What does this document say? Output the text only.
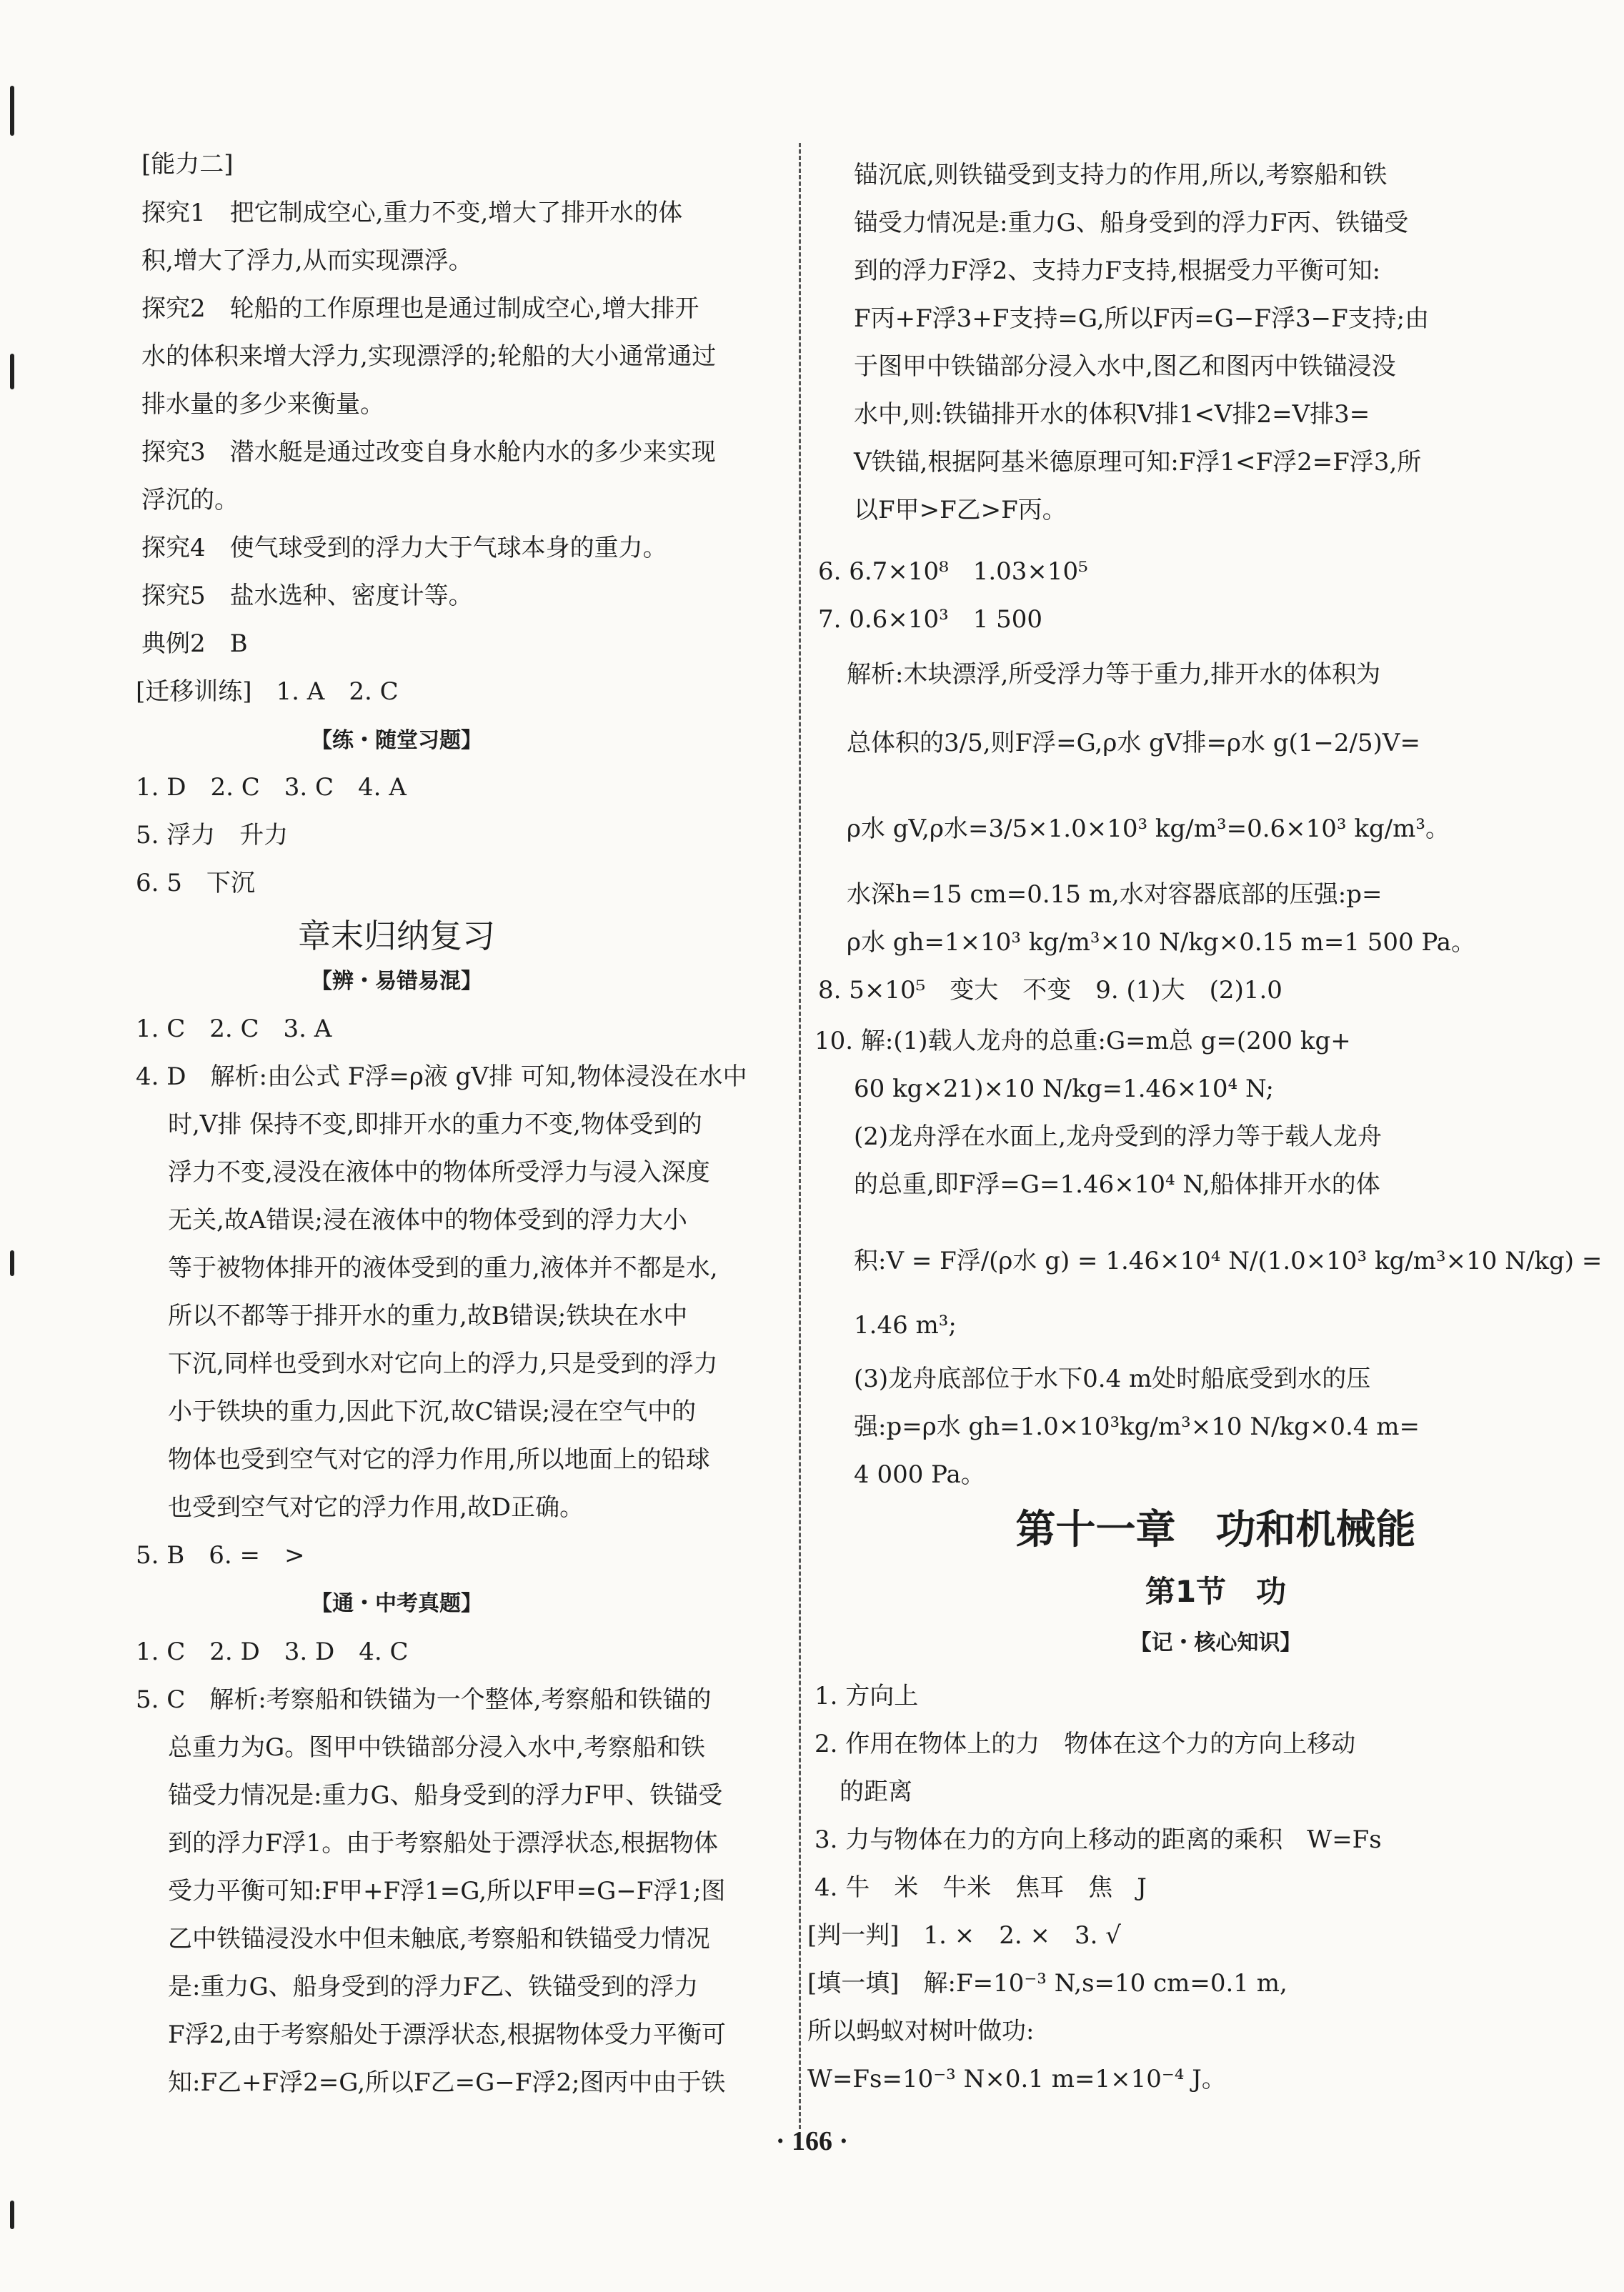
[能力二]
探究1　把它制成空心,重力不变,增大了排开水的体
积,增大了浮力,从而实现漂浮。
探究2　轮船的工作原理也是通过制成空心,增大排开
水的体积来增大浮力,实现漂浮的;轮船的大小通常通过
排水量的多少来衡量。
探究3　潜水艇是通过改变自身水舱内水的多少来实现
浮沉的。
探究4　使气球受到的浮力大于气球本身的重力。
探究5　盐水选种、密度计等。
典例2　B
[迁移训练]　1. A　2. C
1. D　2. C　3. C　4. A
5. 浮力　升力
6. 5　下沉
1. C　2. C　3. A
4. D　解析:由公式 F浮=ρ液 gV排 可知,物体浸没在水中
时,V排 保持不变,即排开水的重力不变,物体受到的
浮力不变,浸没在液体中的物体所受浮力与浸入深度
无关,故A错误;浸在液体中的物体受到的浮力大小
等于被物体排开的液体受到的重力,液体并不都是水,
所以不都等于排开水的重力,故B错误;铁块在水中
下沉,同样也受到水对它向上的浮力,只是受到的浮力
小于铁块的重力,因此下沉,故C错误;浸在空气中的
物体也受到空气对它的浮力作用,所以地面上的铅球
也受到空气对它的浮力作用,故D正确。
5. B　6. =　>
1. C　2. D　3. D　4. C
5. C　解析:考察船和铁锚为一个整体,考察船和铁锚的
总重力为G。图甲中铁锚部分浸入水中,考察船和铁
锚受力情况是:重力G、船身受到的浮力F甲、铁锚受
到的浮力F浮1。由于考察船处于漂浮状态,根据物体
受力平衡可知:F甲+F浮1=G,所以F甲=G−F浮1;图
乙中铁锚浸没水中但未触底,考察船和铁锚受力情况
是:重力G、船身受到的浮力F乙、铁锚受到的浮力
F浮2,由于考察船处于漂浮状态,根据物体受力平衡可
知:F乙+F浮2=G,所以F乙=G−F浮2;图丙中由于铁
【练・随堂习题】
【辨・易错易混】
【通・中考真题】
章末归纳复习
锚沉底,则铁锚受到支持力的作用,所以,考察船和铁
锚受力情况是:重力G、船身受到的浮力F丙、铁锚受
到的浮力F浮2、支持力F支持,根据受力平衡可知:
F丙+F浮3+F支持=G,所以F丙=G−F浮3−F支持;由
于图甲中铁锚部分浸入水中,图乙和图丙中铁锚浸没
水中,则:铁锚排开水的体积V排1<V排2=V排3=
V铁锚,根据阿基米德原理可知:F浮1<F浮2=F浮3,所
以F甲>F乙>F丙。
6. 6.7×10⁸　1.03×10⁵
7. 0.6×10³　1 500
解析:木块漂浮,所受浮力等于重力,排开水的体积为
总体积的3/5,则F浮=G,ρ水 gV排=ρ水 g(1−2/5)V=
ρ水 gV,ρ水=3/5×1.0×10³ kg/m³=0.6×10³ kg/m³。
水深h=15 cm=0.15 m,水对容器底部的压强:p=
ρ水 gh=1×10³ kg/m³×10 N/kg×0.15 m=1 500 Pa。
8. 5×10⁵　变大　不变　9. (1)大　(2)1.0
10. 解:(1)载人龙舟的总重:G=m总 g=(200 kg+
60 kg×21)×10 N/kg=1.46×10⁴ N;
(2)龙舟浮在水面上,龙舟受到的浮力等于载人龙舟
的总重,即F浮=G=1.46×10⁴ N,船体排开水的体
积:V = F浮/(ρ水 g) = 1.46×10⁴ N/(1.0×10³ kg/m³×10 N/kg) =
1.46 m³;
(3)龙舟底部位于水下0.4 m处时船底受到水的压
强:p=ρ水 gh=1.0×10³kg/m³×10 N/kg×0.4 m=
4 000 Pa。
1. 方向上
2. 作用在物体上的力　物体在这个力的方向上移动
的距离
3. 力与物体在力的方向上移动的距离的乘积　W=Fs
4. 牛　米　牛米　焦耳　焦　J
[判一判]　1. ×　2. ×　3. √
[填一填]　解:F=10⁻³ N,s=10 cm=0.1 m,
所以蚂蚁对树叶做功:
W=Fs=10⁻³ N×0.1 m=1×10⁻⁴ J。
第十一章　功和机械能
第1节　功
【记・核心知识】
· 166 ·
